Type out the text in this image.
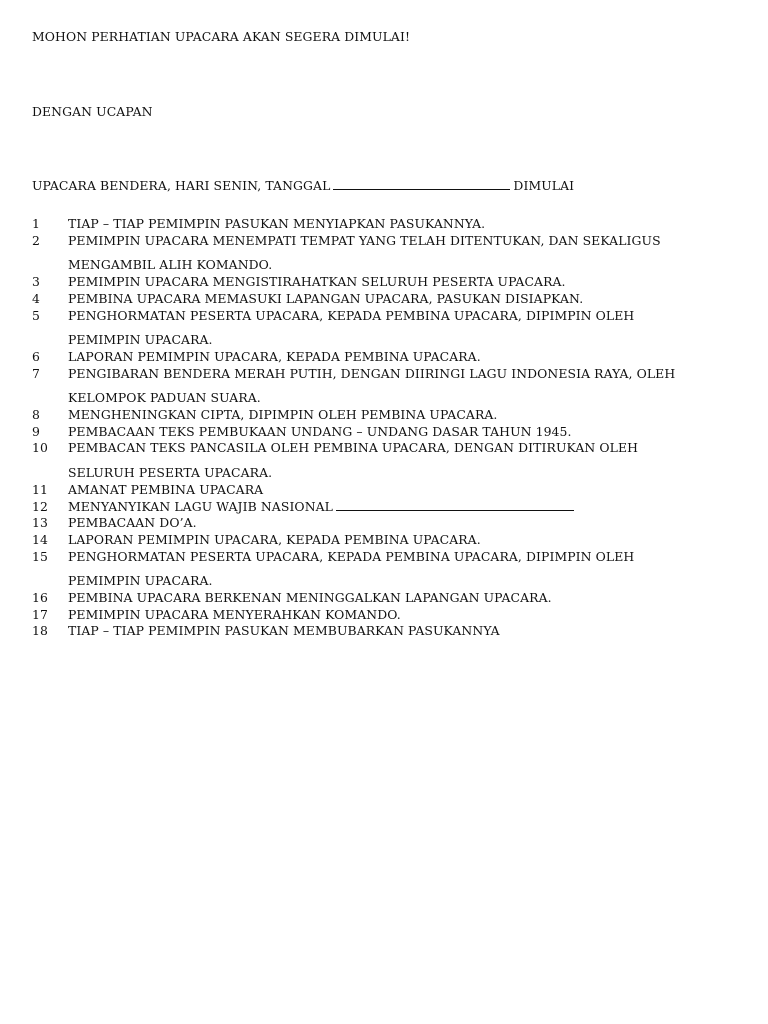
MOHON PERHATIAN UPACARA AKAN SEGERA DIMULAI!
DENGAN UCAPAN
UPACARA BENDERA, HARI SENIN, TANGGAL	DIMULAI
1	TIAP – TIAP PEMIMPIN PASUKAN MENYIAPKAN PASUKANNYA.
2	PEMIMPIN UPACARA MENEMPATI TEMPAT YANG TELAH DITENTUKAN, DAN SEKALIGUS
MENGAMBIL ALIH KOMANDO.
3	PEMIMPIN UPACARA MENGISTIRAHATKAN SELURUH PESERTA UPACARA.
4	PEMBINA UPACARA MEMASUKI LAPANGAN UPACARA, PASUKAN DISIAPKAN.
5	PENGHORMATAN PESERTA UPACARA, KEPADA PEMBINA UPACARA, DIPIMPIN OLEH
PEMIMPIN UPACARA.
6	LAPORAN PEMIMPIN UPACARA, KEPADA PEMBINA UPACARA.
7	PENGIBARAN BENDERA MERAH PUTIH, DENGAN DIIRINGI LAGU INDONESIA RAYA, OLEH
KELOMPOK PADUAN SUARA.
8	MENGHENINGKAN CIPTA, DIPIMPIN OLEH PEMBINA UPACARA.
9	PEMBACAAN TEKS PEMBUKAAN UNDANG – UNDANG DASAR TAHUN 1945.
10	PEMBACAN TEKS PANCASILA OLEH PEMBINA UPACARA, DENGAN DITIRUKAN OLEH
SELURUH PESERTA UPACARA.
11	AMANAT PEMBINA UPACARA
12	MENYANYIKAN LAGU WAJIB NASIONAL
13	PEMBACAAN DO’A.
14	LAPORAN PEMIMPIN UPACARA, KEPADA PEMBINA UPACARA.
15	PENGHORMATAN PESERTA UPACARA, KEPADA PEMBINA UPACARA, DIPIMPIN OLEH
PEMIMPIN UPACARA.
16	PEMBINA UPACARA BERKENAN MENINGGALKAN LAPANGAN UPACARA.
17	PEMIMPIN UPACARA MENYERAHKAN KOMANDO.
18	TIAP – TIAP PEMIMPIN PASUKAN MEMBUBARKAN PASUKANNYA
